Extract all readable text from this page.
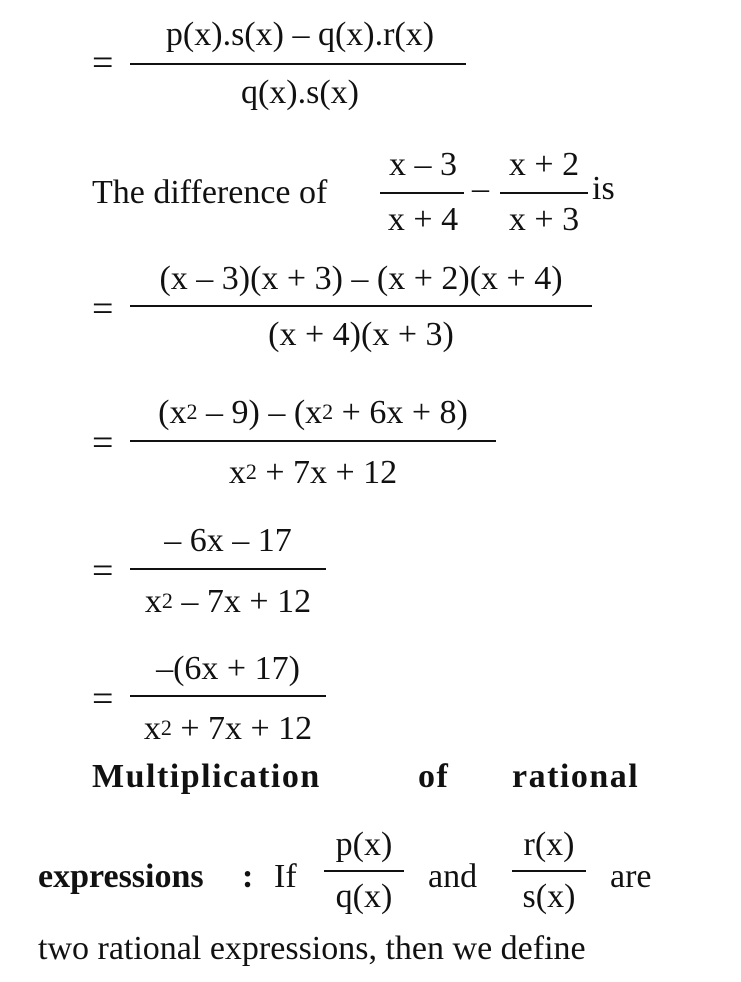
=
p(x).s(x) – q(x).r(x)
q(x).s(x)
The difference of
x – 3
x + 4
–
x + 2
x + 3
is
=
(x – 3)(x + 3) – (x + 2)(x + 4)
(x + 4)(x + 3)
=
$(x^2 - 9) - (x^2 + 6x + 8)$
$x^2 + 7x + 12$
=
– 6x – 17
$x^2 - 7x + 12$
=
–(6x + 17)
$x^2 + 7x + 12$
Multiplication	of rational
expressions : If
p(x)
q(x)
and
r(x)
s(x)
are
two rational expressions, then we define
